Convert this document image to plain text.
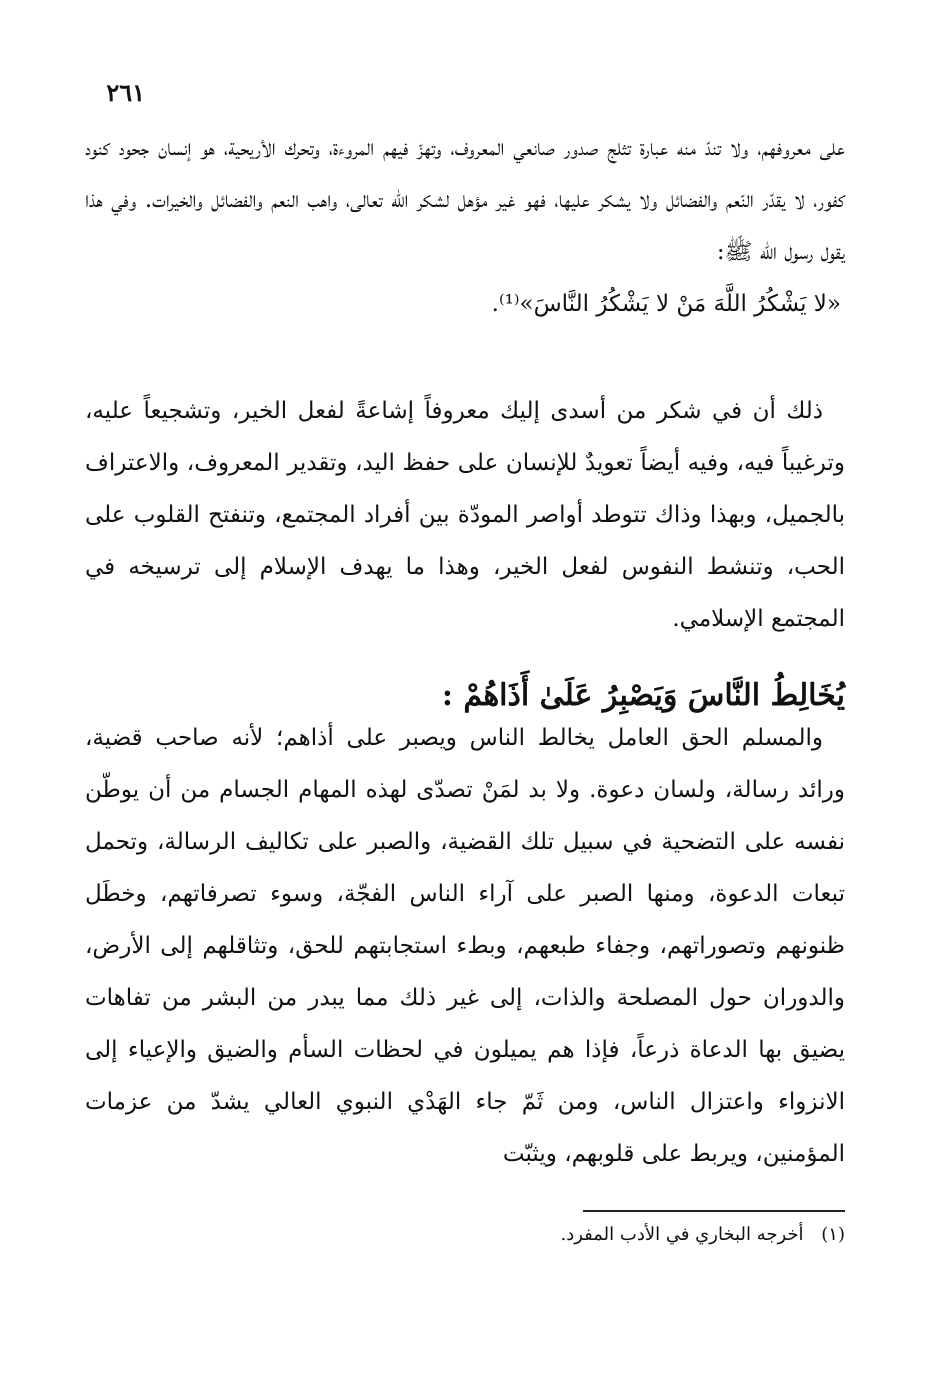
٢٦١

على معروفهم، ولا تندّ منه عبارة تثلج صدور صانعي المعروف، وتهزّ فيهم المروءة، وتحرك الأريحية، هو إنسان جحود كنود كفور، لا يقدّر النّعم والفضائل ولا يشكر عليها، فهو غير مؤهل لشكر الله تعالى، واهب النعم والفضائل والخيرات. وفي هذا يقول رسول الله ﷺ:

«لا يَشْكُرُ اللَّهَ مَنْ لا يَشْكُرُ النَّاسَ»⁽¹⁾.

ذلك أن في شكر من أسدى إليك معروفاً إشاعةً لفعل الخير، وتشجيعاً عليه، وترغيباً فيه، وفيه أيضاً تعويدٌ للإنسان على حفظ اليد، وتقدير المعروف، والاعتراف بالجميل، وبهذا وذاك تتوطد أواصر المودّة بين أفراد المجتمع، وتنفتح القلوب على الحب، وتنشط النفوس لفعل الخير، وهذا ما يهدف الإسلام إلى ترسيخه في المجتمع الإسلامي.

يُخَالِطُ النَّاسَ وَيَصْبِرُ عَلَىٰ أَذَاهُمْ :

والمسلم الحق العامل يخالط الناس ويصبر على أذاهم؛ لأنه صاحب قضية، ورائد رسالة، ولسان دعوة. ولا بد لمَنْ تصدّى لهذه المهام الجسام من أن يوطّن نفسه على التضحية في سبيل تلك القضية، والصبر على تكاليف الرسالة، وتحمل تبعات الدعوة، ومنها الصبر على آراء الناس الفجّة، وسوء تصرفاتهم، وخطَل ظنونهم وتصوراتهم، وجفاء طبعهم، وبطء استجابتهم للحق، وتثاقلهم إلى الأرض، والدوران حول المصلحة والذات، إلى غير ذلك مما يبدر من البشر من تفاهات يضيق بها الدعاة ذرعاً، فإذا هم يميلون في لحظات السأم والضيق والإعياء إلى الانزواء واعتزال الناس، ومن ثَمّ جاء الهَدْي النبوي العالي يشدّ من عزمات المؤمنين، ويربط على قلوبهم، ويثبّت

(١) أخرجه البخاري في الأدب المفرد.
